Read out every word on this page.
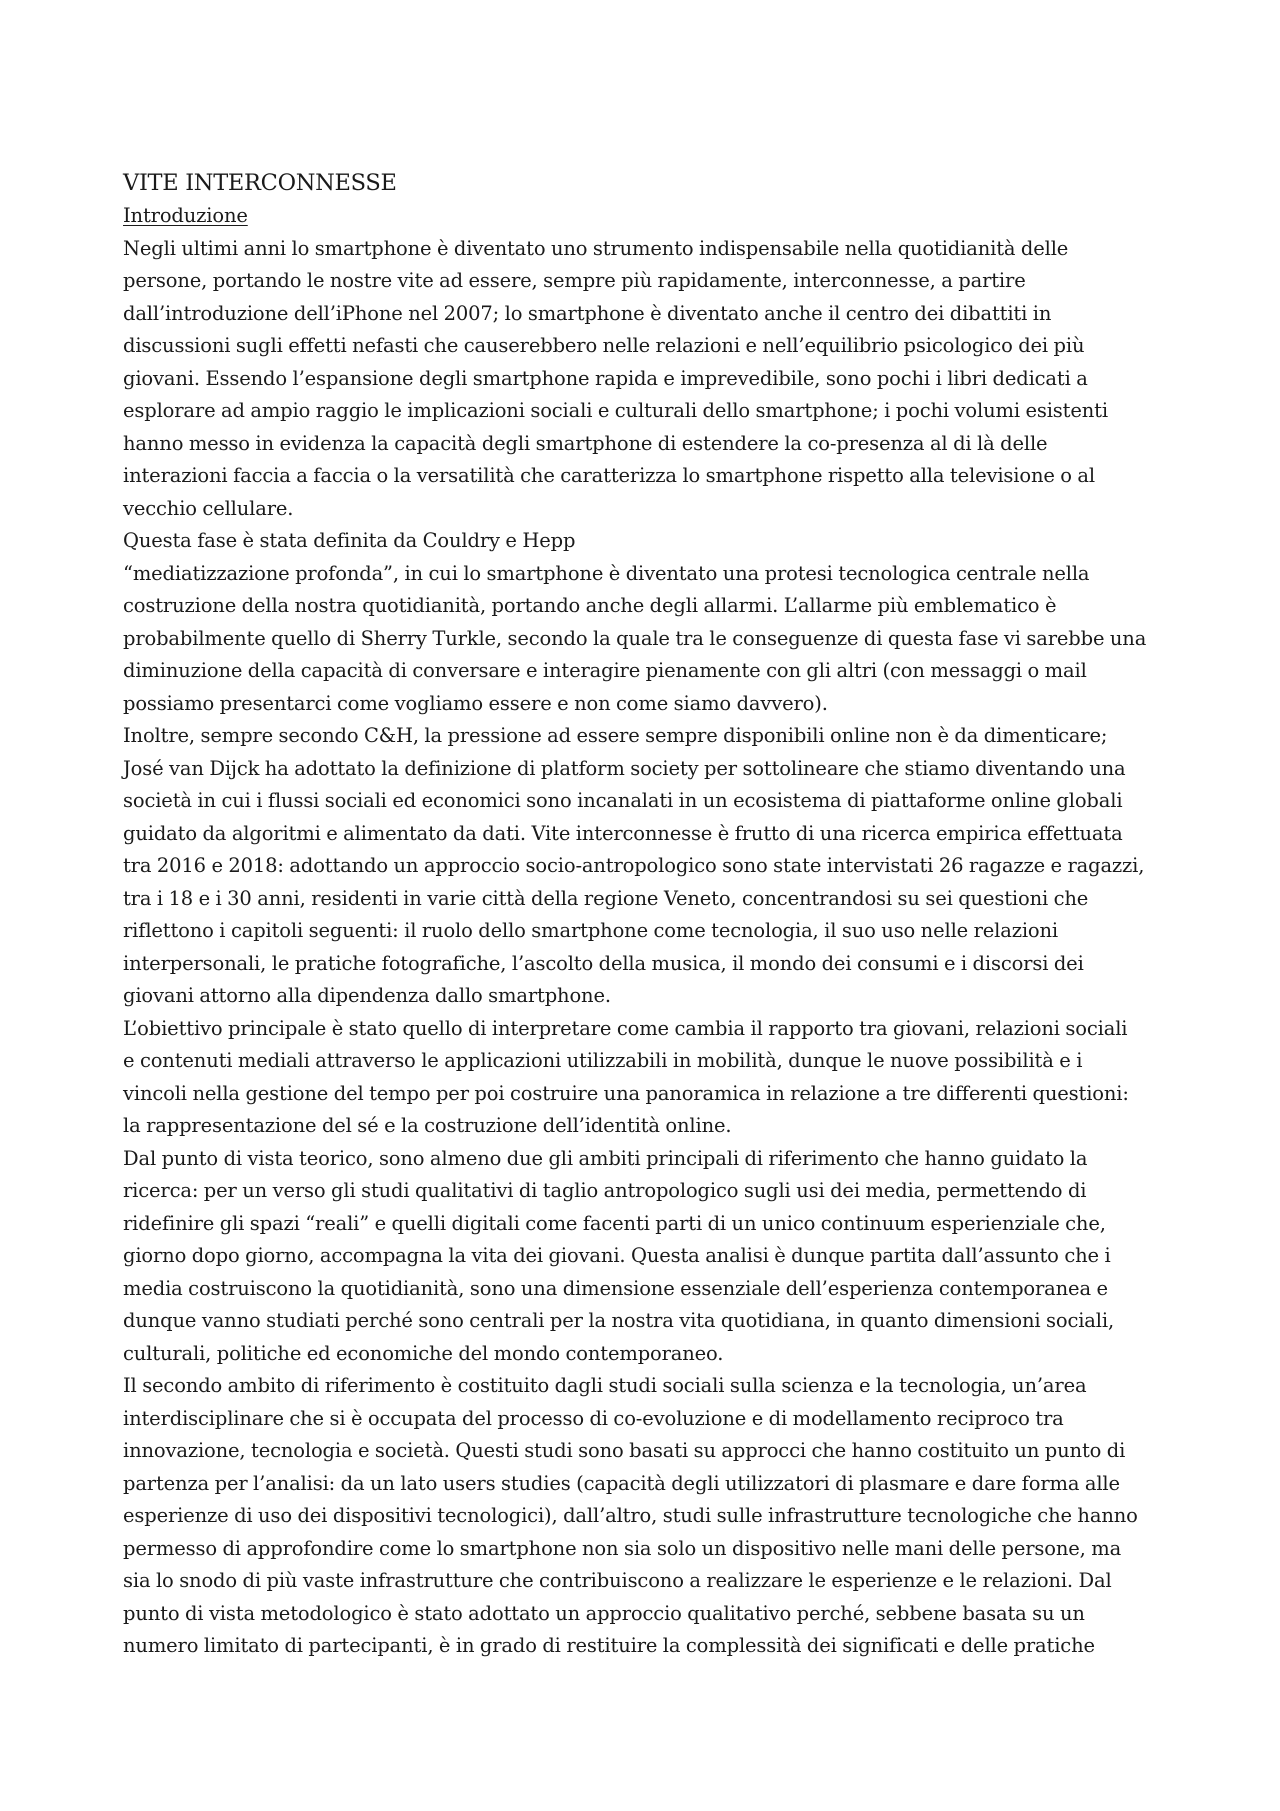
VITE INTERCONNESSE
Introduzione
Negli ultimi anni lo smartphone è diventato uno strumento indispensabile nella quotidianità delle
persone, portando le nostre vite ad essere, sempre più rapidamente, interconnesse, a partire
dall’introduzione dell’iPhone nel 2007; lo smartphone è diventato anche il centro dei dibattiti in
discussioni sugli effetti nefasti che causerebbero nelle relazioni e nell’equilibrio psicologico dei più
giovani. Essendo l’espansione degli smartphone rapida e imprevedibile, sono pochi i libri dedicati a
esplorare ad ampio raggio le implicazioni sociali e culturali dello smartphone; i pochi volumi esistenti
hanno messo in evidenza la capacità degli smartphone di estendere la co-presenza al di là delle
interazioni faccia a faccia o la versatilità che caratterizza lo smartphone rispetto alla televisione o al
vecchio cellulare.
Questa fase è stata definita da Couldry e Hepp
“mediatizzazione profonda”, in cui lo smartphone è diventato una protesi tecnologica centrale nella
costruzione della nostra quotidianità, portando anche degli allarmi. L’allarme più emblematico è
probabilmente quello di Sherry Turkle, secondo la quale tra le conseguenze di questa fase vi sarebbe una
diminuzione della capacità di conversare e interagire pienamente con gli altri (con messaggi o mail
possiamo presentarci come vogliamo essere e non come siamo davvero).
Inoltre, sempre secondo C&H, la pressione ad essere sempre disponibili online non è da dimenticare;
José van Dijck ha adottato la definizione di platform society per sottolineare che stiamo diventando una
società in cui i flussi sociali ed economici sono incanalati in un ecosistema di piattaforme online globali
guidato da algoritmi e alimentato da dati. Vite interconnesse è frutto di una ricerca empirica effettuata
tra 2016 e 2018: adottando un approccio socio-antropologico sono state intervistati 26 ragazze e ragazzi,
tra i 18 e i 30 anni, residenti in varie città della regione Veneto, concentrandosi su sei questioni che
riflettono i capitoli seguenti: il ruolo dello smartphone come tecnologia, il suo uso nelle relazioni
interpersonali, le pratiche fotografiche, l’ascolto della musica, il mondo dei consumi e i discorsi dei
giovani attorno alla dipendenza dallo smartphone.
L’obiettivo principale è stato quello di interpretare come cambia il rapporto tra giovani, relazioni sociali
e contenuti mediali attraverso le applicazioni utilizzabili in mobilità, dunque le nuove possibilità e i
vincoli nella gestione del tempo per poi costruire una panoramica in relazione a tre differenti questioni:
la rappresentazione del sé e la costruzione dell’identità online.
Dal punto di vista teorico, sono almeno due gli ambiti principali di riferimento che hanno guidato la
ricerca: per un verso gli studi qualitativi di taglio antropologico sugli usi dei media, permettendo di
ridefinire gli spazi “reali” e quelli digitali come facenti parti di un unico continuum esperienziale che,
giorno dopo giorno, accompagna la vita dei giovani. Questa analisi è dunque partita dall’assunto che i
media costruiscono la quotidianità, sono una dimensione essenziale dell’esperienza contemporanea e
dunque vanno studiati perché sono centrali per la nostra vita quotidiana, in quanto dimensioni sociali,
culturali, politiche ed economiche del mondo contemporaneo.
Il secondo ambito di riferimento è costituito dagli studi sociali sulla scienza e la tecnologia, un’area
interdisciplinare che si è occupata del processo di co-evoluzione e di modellamento reciproco tra
innovazione, tecnologia e società. Questi studi sono basati su approcci che hanno costituito un punto di
partenza per l’analisi: da un lato users studies (capacità degli utilizzatori di plasmare e dare forma alle
esperienze di uso dei dispositivi tecnologici), dall’altro, studi sulle infrastrutture tecnologiche che hanno
permesso di approfondire come lo smartphone non sia solo un dispositivo nelle mani delle persone, ma
sia lo snodo di più vaste infrastrutture che contribuiscono a realizzare le esperienze e le relazioni. Dal
punto di vista metodologico è stato adottato un approccio qualitativo perché, sebbene basata su un
numero limitato di partecipanti, è in grado di restituire la complessità dei significati e delle pratiche
